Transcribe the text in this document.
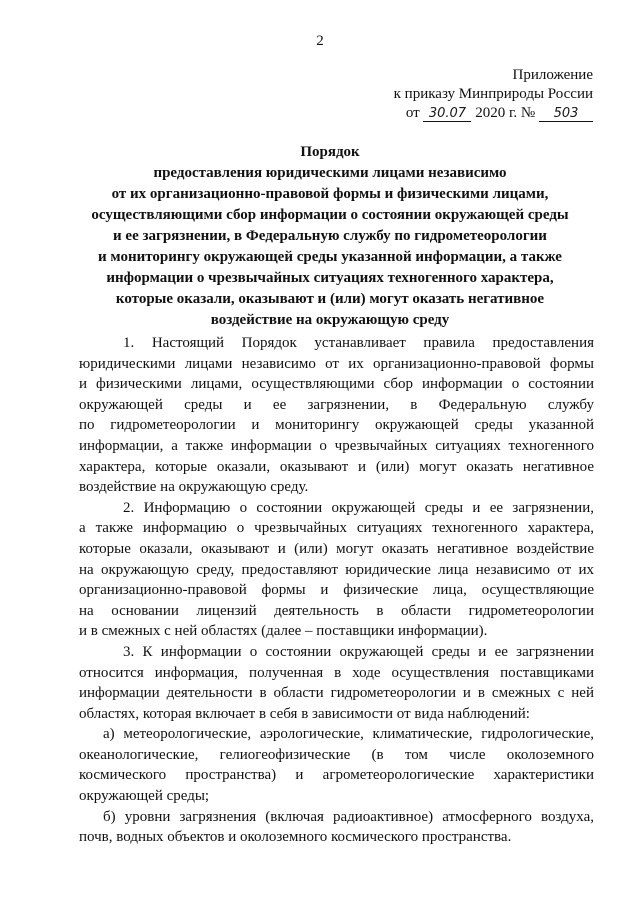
2
Приложение
к приказу Минприроды России
от 30.07 2020 г. № 503
Порядок
предоставления юридическими лицами независимо
от их организационно-правовой формы и физическими лицами,
осуществляющими сбор информации о состоянии окружающей среды
и ее загрязнении, в Федеральную службу по гидрометеорологии
и мониторингу окружающей среды указанной информации, а также
информации о чрезвычайных ситуациях техногенного характера,
которые оказали, оказывают и (или) могут оказать негативное
воздействие на окружающую среду
1. Настоящий Порядок устанавливает правила предоставления
юридическими лицами независимо от их организационно-правовой формы
и физическими лицами, осуществляющими сбор информации о состоянии
окружающей среды и ее загрязнении, в Федеральную службу
по гидрометеорологии и мониторингу окружающей среды указанной
информации, а также информации о чрезвычайных ситуациях техногенного
характера, которые оказали, оказывают и (или) могут оказать негативное
воздействие на окружающую среду.
2. Информацию о состоянии окружающей среды и ее загрязнении,
а также информацию о чрезвычайных ситуациях техногенного характера,
которые оказали, оказывают и (или) могут оказать негативное воздействие
на окружающую среду, предоставляют юридические лица независимо от их
организационно-правовой формы и физические лица, осуществляющие
на основании лицензий деятельность в области гидрометеорологии
и в смежных с ней областях (далее – поставщики информации).
3. К информации о состоянии окружающей среды и ее загрязнении
относится информация, полученная в ходе осуществления поставщиками
информации деятельности в области гидрометеорологии и в смежных с ней
областях, которая включает в себя в зависимости от вида наблюдений:
а) метеорологические, аэрологические, климатические, гидрологические,
океанологические, гелиогеофизические (в том числе околоземного
космического пространства) и агрометеорологические характеристики
окружающей среды;
б) уровни загрязнения (включая радиоактивное) атмосферного воздуха,
почв, водных объектов и околоземного космического пространства.
